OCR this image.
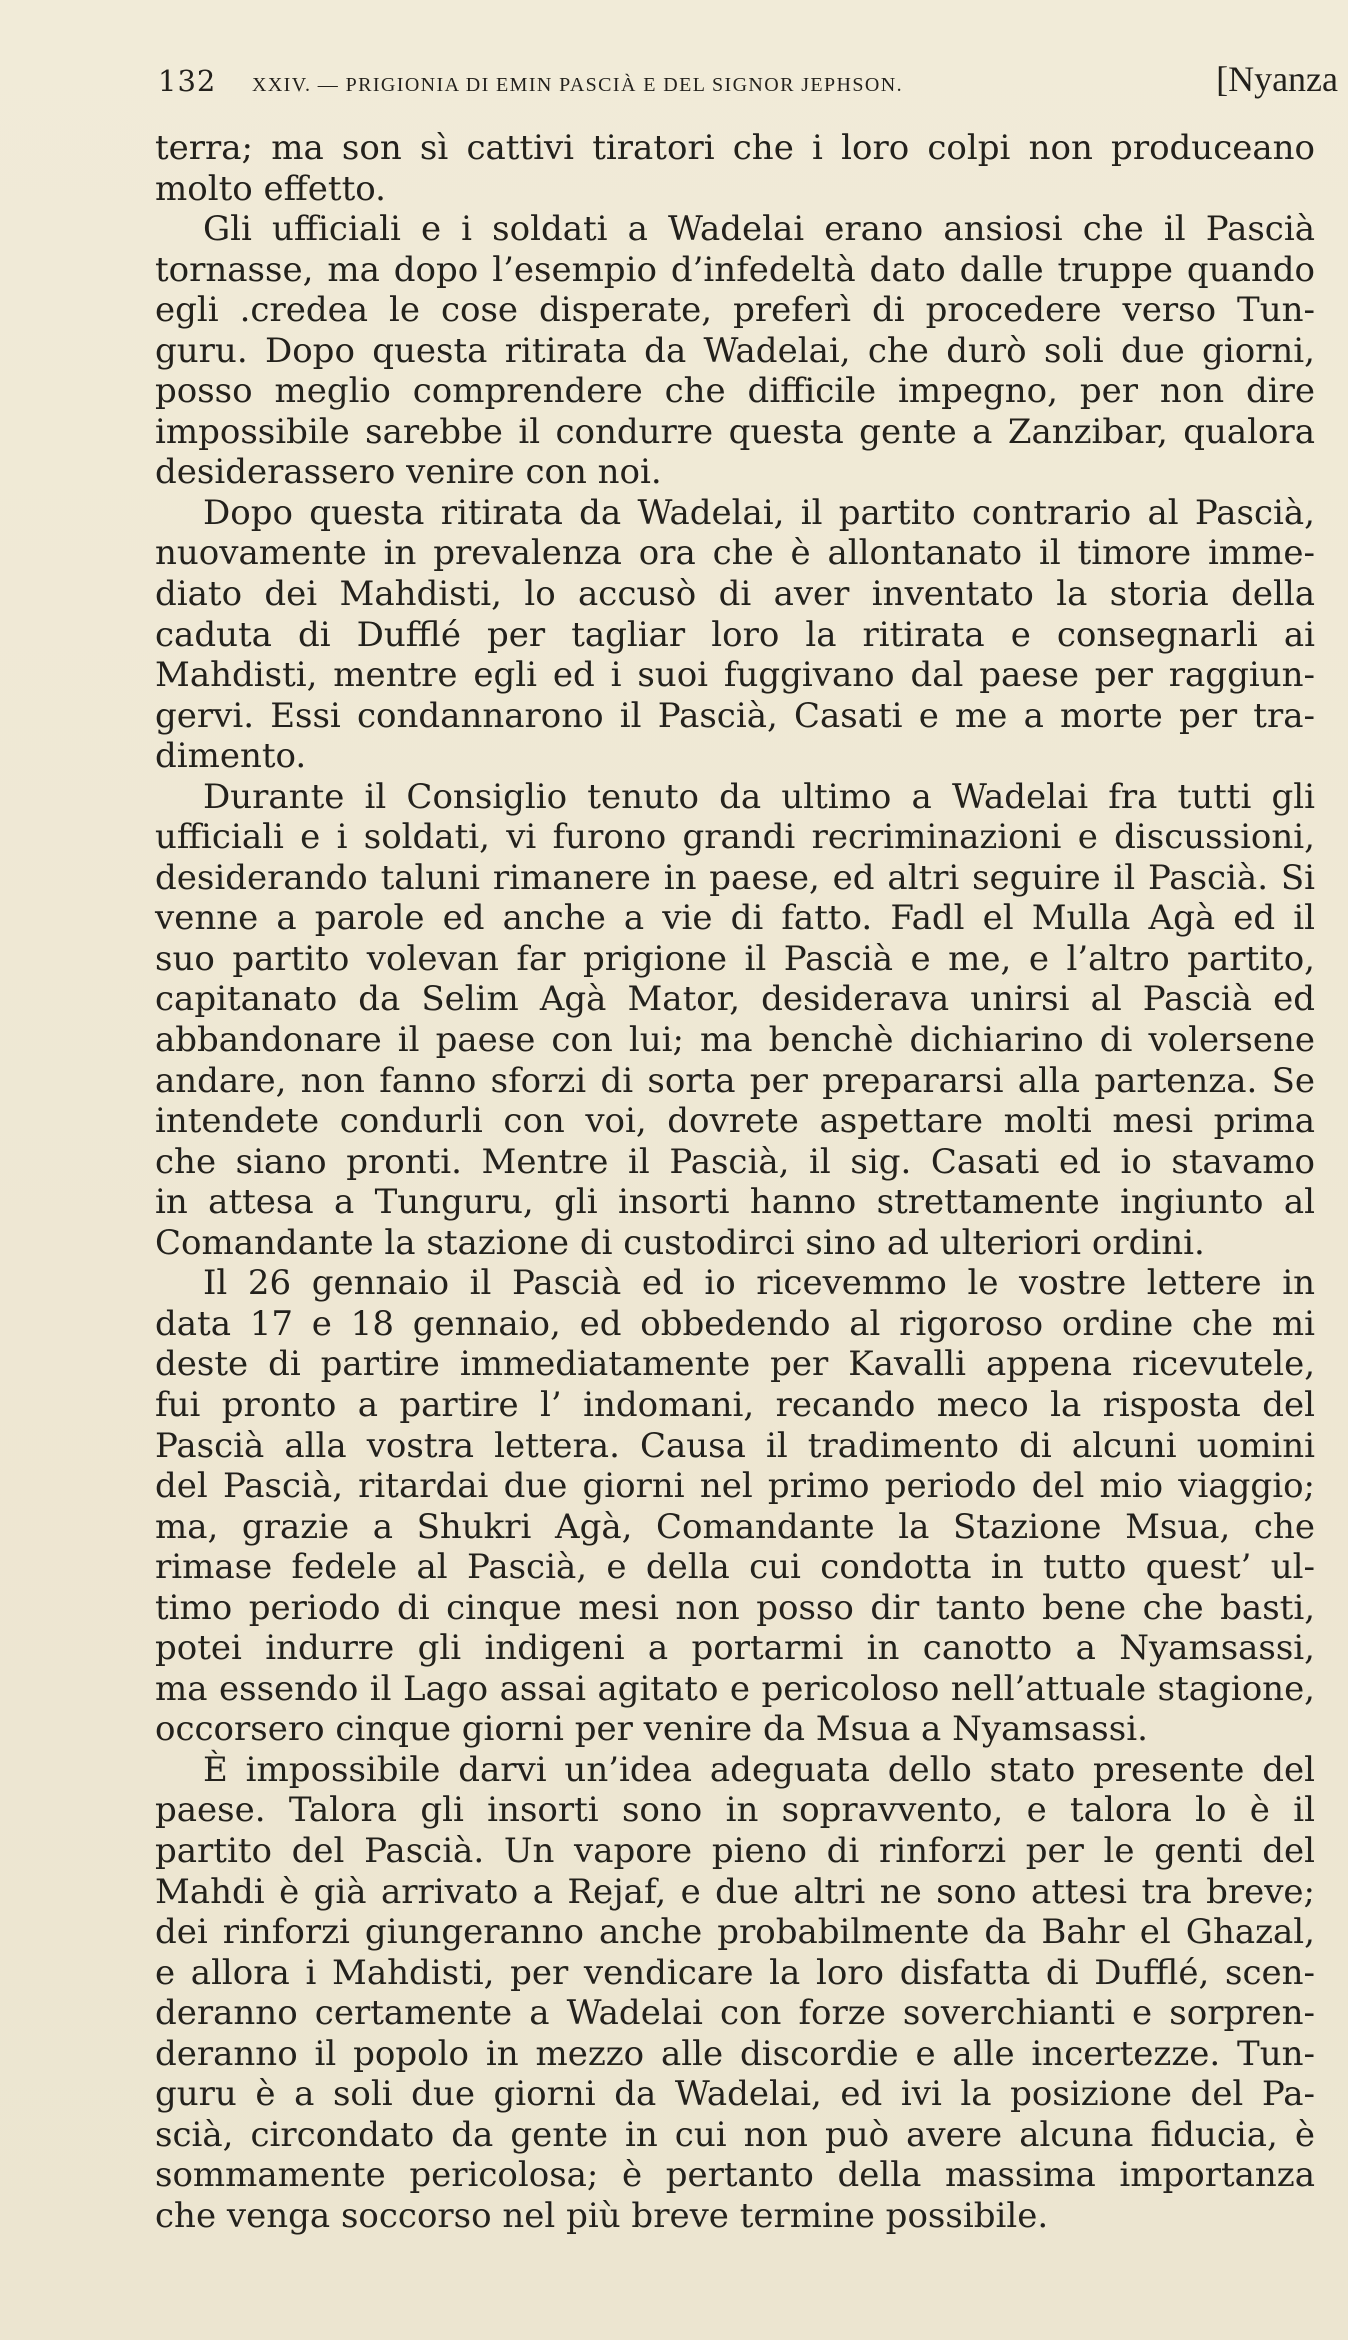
132	XXIV. — PRIGIONIA DI EMIN PASCIÀ E DEL SIGNOR JEPHSON.	[Nyanza
terra; ma son sì cattivi tiratori che i loro colpi non produceano
molto effetto.
Gli ufficiali e i soldati a Wadelai erano ansiosi che il Pascià
tornasse, ma dopo l’esempio d’infedeltà dato dalle truppe quando
egli .credea le cose disperate, preferì di procedere verso Tun-
guru. Dopo questa ritirata da Wadelai, che durò soli due giorni,
posso meglio comprendere che difficile impegno, per non dire
impossibile sarebbe il condurre questa gente a Zanzibar, qualora
desiderassero venire con noi.
Dopo questa ritirata da Wadelai, il partito contrario al Pascià,
nuovamente in prevalenza ora che è allontanato il timore imme-
diato dei Mahdisti, lo accusò di aver inventato la storia della
caduta di Dufflé per tagliar loro la ritirata e consegnarli ai
Mahdisti, mentre egli ed i suoi fuggivano dal paese per raggiun-
gervi. Essi condannarono il Pascià, Casati e me a morte per tra-
dimento.
Durante il Consiglio tenuto da ultimo a Wadelai fra tutti gli
ufficiali e i soldati, vi furono grandi recriminazioni e discussioni,
desiderando taluni rimanere in paese, ed altri seguire il Pascià. Si
venne a parole ed anche a vie di fatto. Fadl el Mulla Agà ed il
suo partito volevan far prigione il Pascià e me, e l’altro partito,
capitanato da Selim Agà Mator, desiderava unirsi al Pascià ed
abbandonare il paese con lui; ma benchè dichiarino di volersene
andare, non fanno sforzi di sorta per prepararsi alla partenza. Se
intendete condurli con voi, dovrete aspettare molti mesi prima
che siano pronti. Mentre il Pascià, il sig. Casati ed io stavamo
in attesa a Tunguru, gli insorti hanno strettamente ingiunto al
Comandante la stazione di custodirci sino ad ulteriori ordini.
Il 26 gennaio il Pascià ed io ricevemmo le vostre lettere in
data 17 e 18 gennaio, ed obbedendo al rigoroso ordine che mi
deste di partire immediatamente per Kavalli appena ricevutele,
fui pronto a partire l’ indomani, recando meco la risposta del
Pascià alla vostra lettera. Causa il tradimento di alcuni uomini
del Pascià, ritardai due giorni nel primo periodo del mio viaggio;
ma, grazie a Shukri Agà, Comandante la Stazione Msua, che
rimase fedele al Pascià, e della cui condotta in tutto quest’ ul-
timo periodo di cinque mesi non posso dir tanto bene che basti,
potei indurre gli indigeni a portarmi in canotto a Nyamsassi,
ma essendo il Lago assai agitato e pericoloso nell’attuale stagione,
occorsero cinque giorni per venire da Msua a Nyamsassi.
È impossibile darvi un’idea adeguata dello stato presente del
paese. Talora gli insorti sono in sopravvento, e talora lo è il
partito del Pascià. Un vapore pieno di rinforzi per le genti del
Mahdi è già arrivato a Rejaf, e due altri ne sono attesi tra breve;
dei rinforzi giungeranno anche probabilmente da Bahr el Ghazal,
e allora i Mahdisti, per vendicare la loro disfatta di Dufflé, scen-
deranno certamente a Wadelai con forze soverchianti e sorpren-
deranno il popolo in mezzo alle discordie e alle incertezze. Tun-
guru è a soli due giorni da Wadelai, ed ivi la posizione del Pa-
scià, circondato da gente in cui non può avere alcuna fiducia, è
sommamente pericolosa; è pertanto della massima importanza
che venga soccorso nel più breve termine possibile.
